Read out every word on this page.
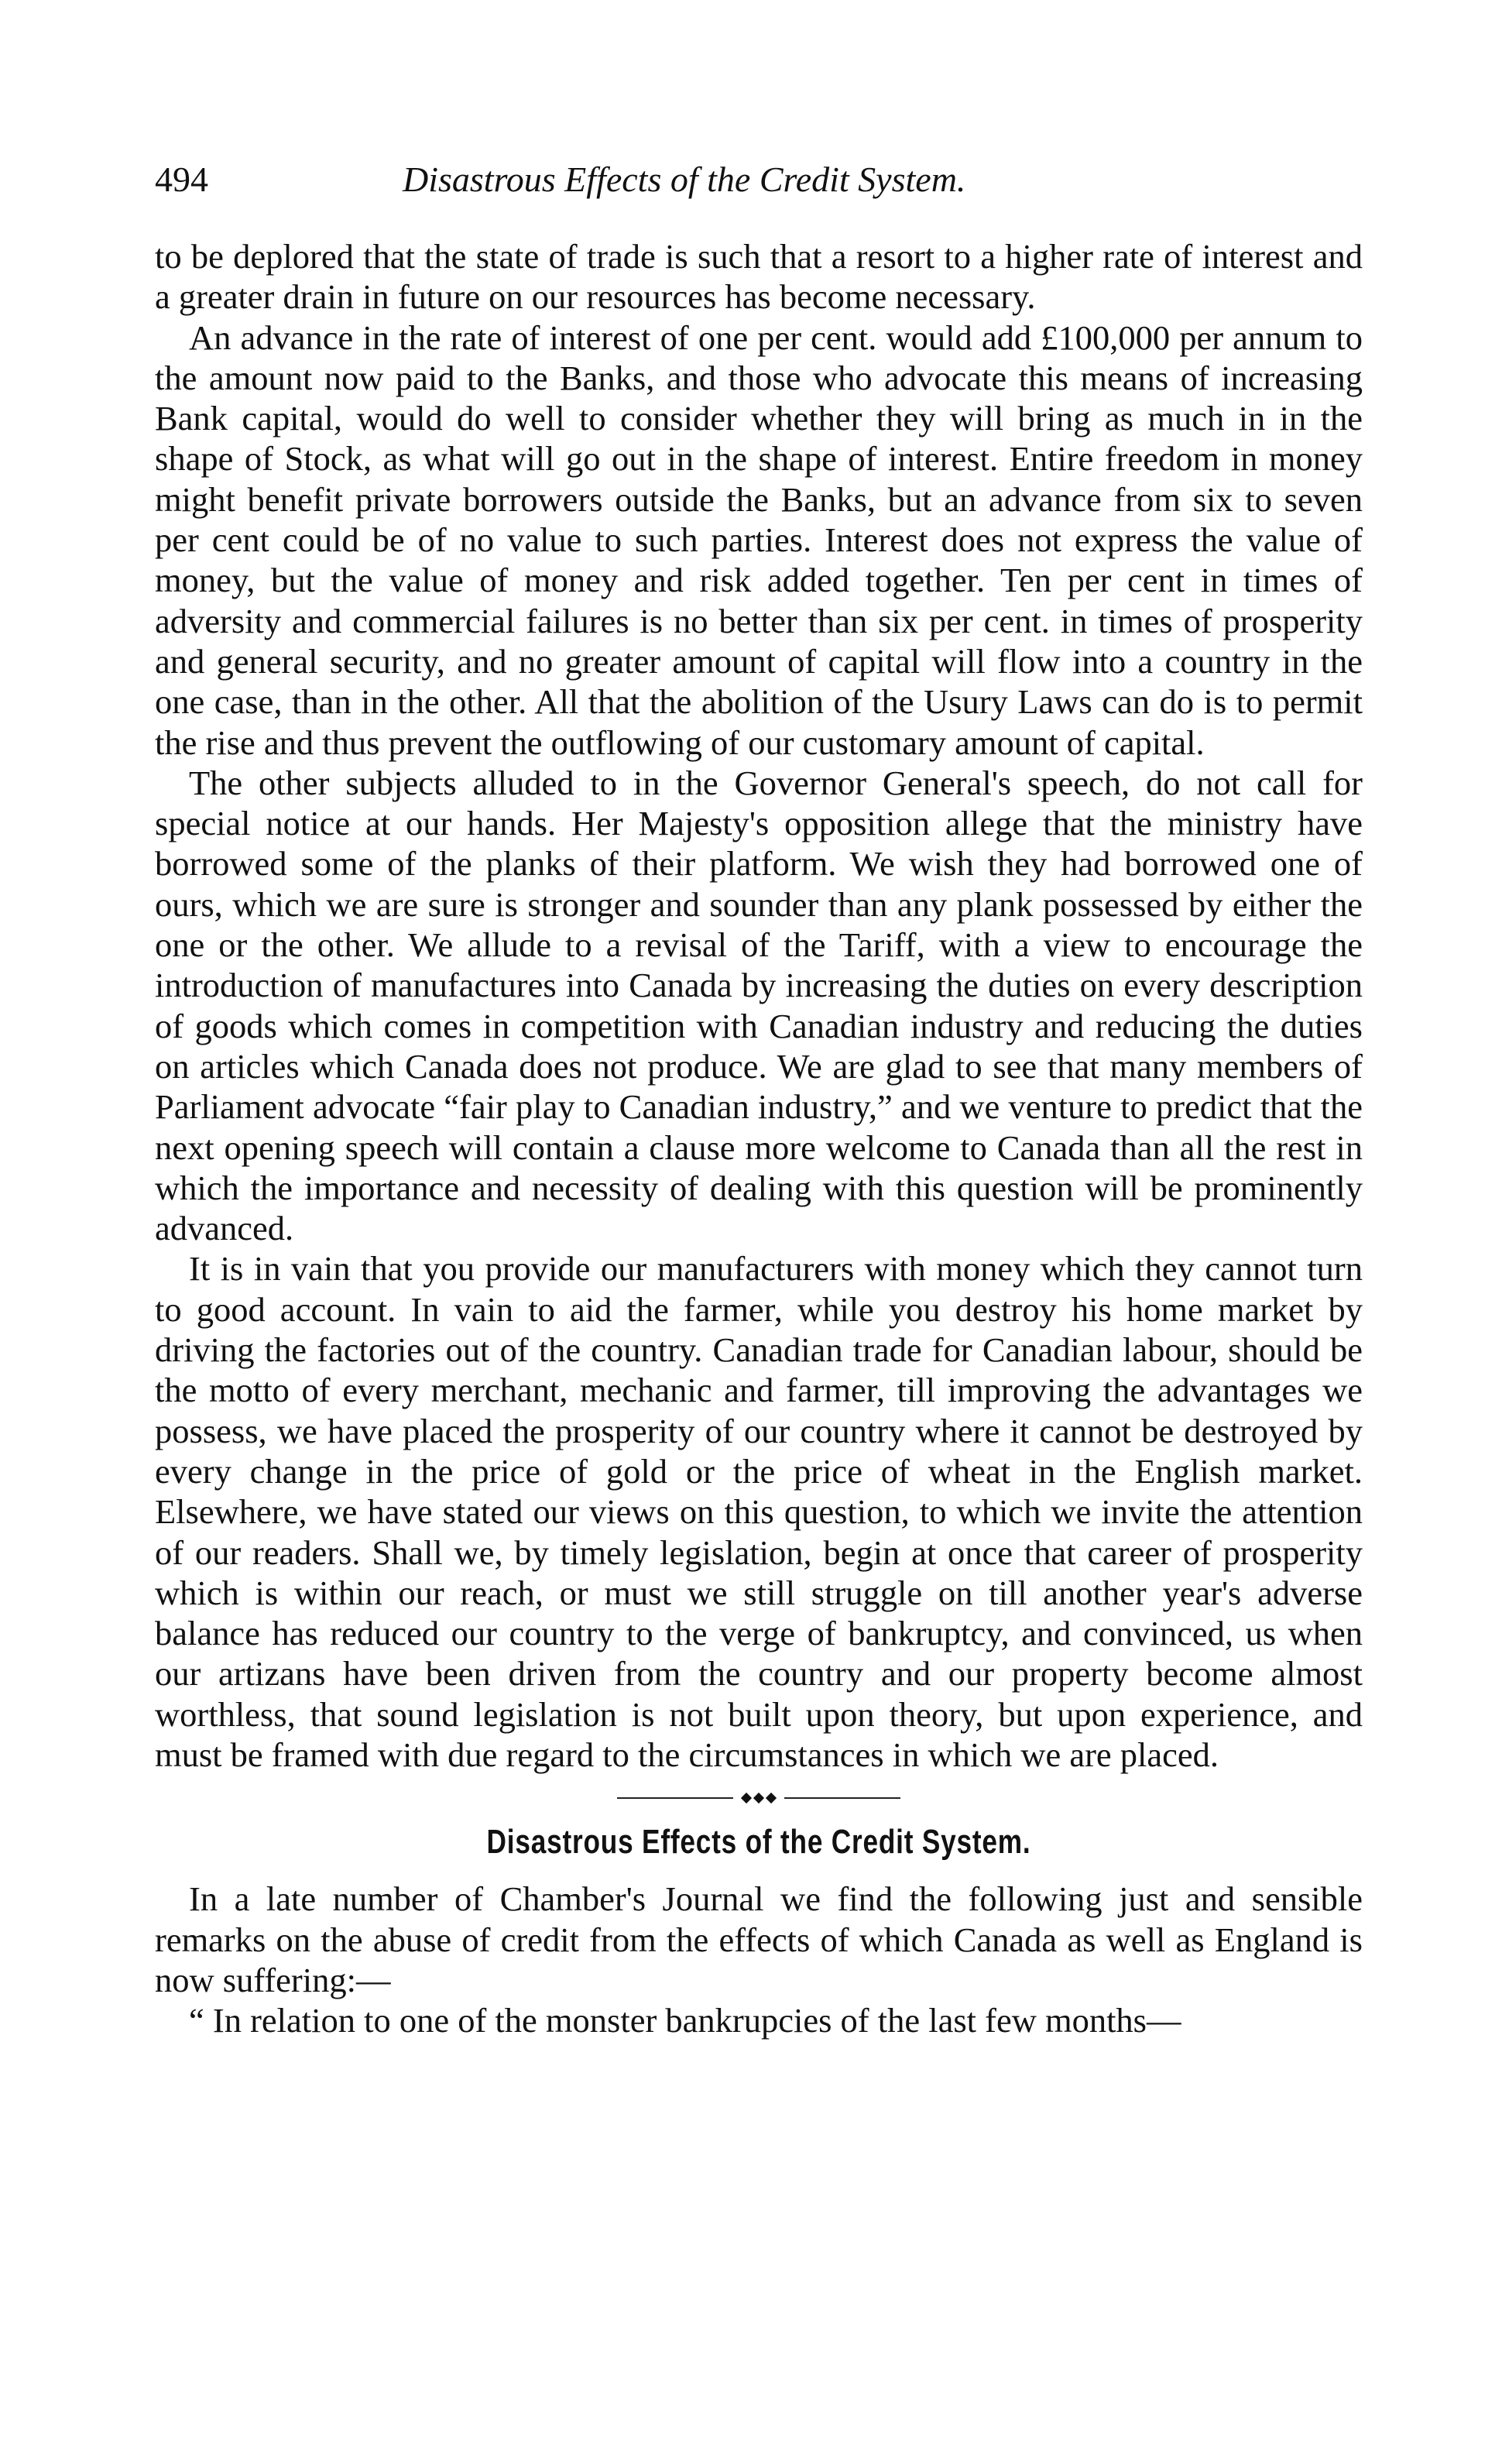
494	Disastrous Effects of the Credit System.

to be deplored that the state of trade is such that a resort to a higher rate of interest and a greater drain in future on our resources has become necessary.

An advance in the rate of interest of one per cent. would add £100,000 per annum to the amount now paid to the Banks, and those who advocate this means of increasing Bank capital, would do well to consider whether they will bring as much in in the shape of Stock, as what will go out in the shape of interest. Entire freedom in money might benefit private borrowers outside the Banks, but an advance from six to seven per cent could be of no value to such parties. Interest does not express the value of money, but the value of money and risk added together. Ten per cent in times of adversity and commercial failures is no better than six per cent. in times of prosperity and general security, and no greater amount of capital will flow into a country in the one case, than in the other. All that the abolition of the Usury Laws can do is to permit the rise and thus prevent the outflowing of our customary amount of capital.

The other subjects alluded to in the Governor General's speech, do not call for special notice at our hands. Her Majesty's opposition allege that the ministry have borrowed some of the planks of their platform. We wish they had borrowed one of ours, which we are sure is stronger and sounder than any plank possessed by either the one or the other. We allude to a revisal of the Tariff, with a view to encourage the introduction of manufactures into Canada by increasing the duties on every description of goods which comes in competition with Canadian industry and reducing the duties on articles which Canada does not produce. We are glad to see that many members of Parliament advocate “fair play to Canadian industry,” and we venture to predict that the next opening speech will contain a clause more welcome to Canada than all the rest in which the importance and necessity of dealing with this question will be prominently advanced.

It is in vain that you provide our manufacturers with money which they cannot turn to good account. In vain to aid the farmer, while you destroy his home market by driving the factories out of the country. Canadian trade for Canadian labour, should be the motto of every merchant, mechanic and farmer, till improving the advantages we possess, we have placed the prosperity of our country where it cannot be destroyed by every change in the price of gold or the price of wheat in the English market. Elsewhere, we have stated our views on this question, to which we invite the attention of our readers. Shall we, by timely legislation, begin at once that career of prosperity which is within our reach, or must we still struggle on till another year's adverse balance has reduced our country to the verge of bankruptcy, and convinced, us when our artizans have been driven from the country and our property become almost worthless, that sound legislation is not built upon theory, but upon experience, and must be framed with due regard to the circumstances in which we are placed.

Disastrous Effects of the Credit System.

In a late number of Chamber's Journal we find the following just and sensible remarks on the abuse of credit from the effects of which Canada as well as England is now suffering:—

“ In relation to one of the monster bankrupcies of the last few months—
